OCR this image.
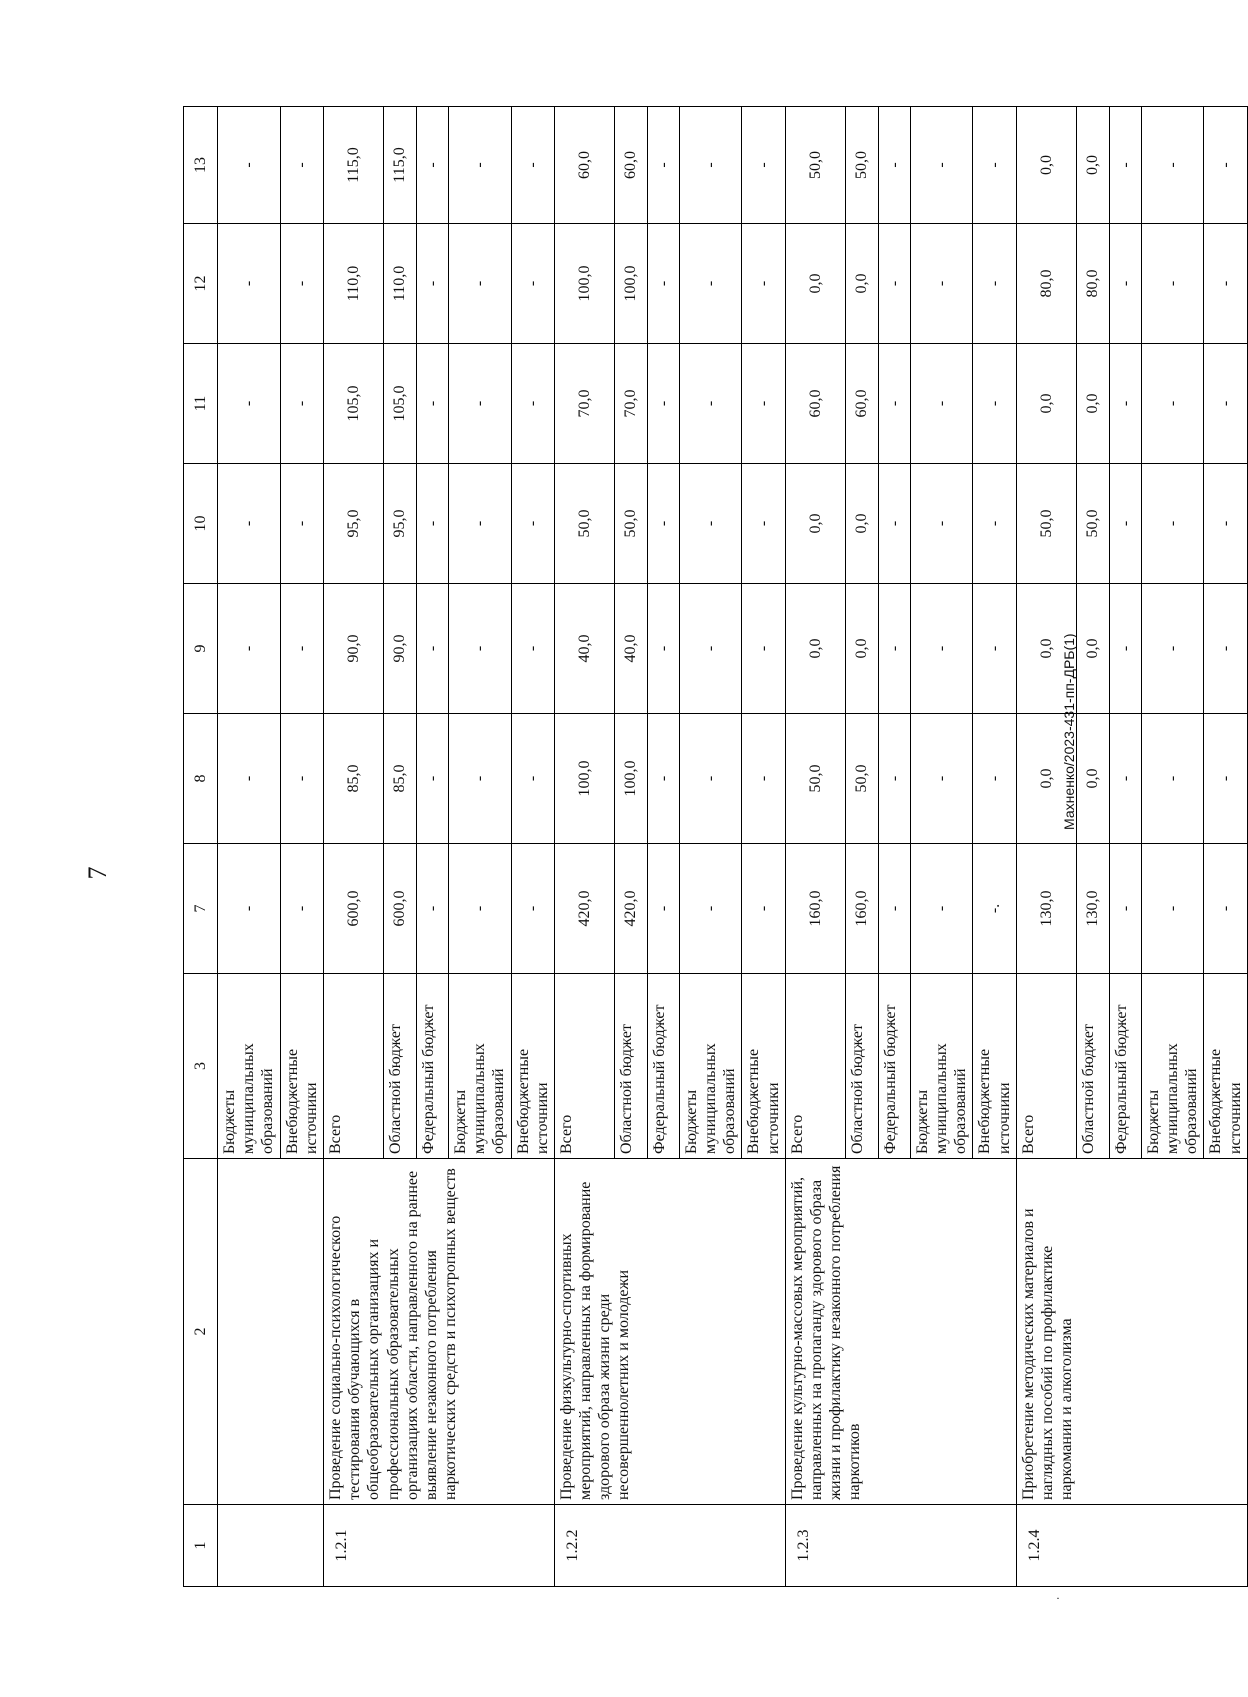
7
Махненко/2023-431-пп-ДРБ(1)
·
1	2	3	7	8	9	10	11	12	13
		Бюджеты муниципальных образований	-	-	-	-	-	-	-
		Внебюджетные источники	-	-	-	-	-	-	-
1.2.1	Проведение социально-психологического тестирования обучающихся в общеобразовательных организациях и профессиональных образовательных организациях области, направленного на раннее выявление незаконного потребления наркотических средств и психотропных веществ	Всего	600,0	85,0	90,0	95,0	105,0	110,0	115,0
		Областной бюджет	600,0	85,0	90,0	95,0	105,0	110,0	115,0
		Федеральный бюджет	-	-	-	-	-	-	-
		Бюджеты муниципальных образований	-	-	-	-	-	-	-
		Внебюджетные источники	-	-	-	-	-	-	-
1.2.2	Проведение физкультурно-спортивных мероприятий, направленных на формирование здорового образа жизни среди несовершеннолетних и молодежи	Всего	420,0	100,0	40,0	50,0	70,0	100,0	60,0
		Областной бюджет	420,0	100,0	40,0	50,0	70,0	100,0	60,0
		Федеральный бюджет	-	-	-	-	-	-	-
		Бюджеты муниципальных образований	-	-	-	-	-	-	-
		Внебюджетные источники	-	-	-	-	-	-	-
1.2.3	Проведение культурно-массовых мероприятий, направленных на пропаганду здорового образа жизни и профилактику незаконного потребления наркотиков	Всего	160,0	50,0	0,0	0,0	60,0	0,0	50,0
		Областной бюджет	160,0	50,0	0,0	0,0	60,0	0,0	50,0
		Федеральный бюджет	-	-	-	-	-	-	-
		Бюджеты муниципальных образований	-	-	-	-	-	-	-
		Внебюджетные источники	-.	-	-	-	-	-	-
1.2.4	Приобретение методических материалов и наглядных пособий по профилактике наркомании и алкоголизма	Всего	130,0	0,0	0,0	50,0	0,0	80,0	0,0
		Областной бюджет	130,0	0,0	0,0	50,0	0,0	80,0	0,0
		Федеральный бюджет	-	-	-	-	-	-	-
		Бюджеты муниципальных образований	-	-	-	-	-	-	-
		Внебюджетные источники	-	-	-	-	-	-	-
